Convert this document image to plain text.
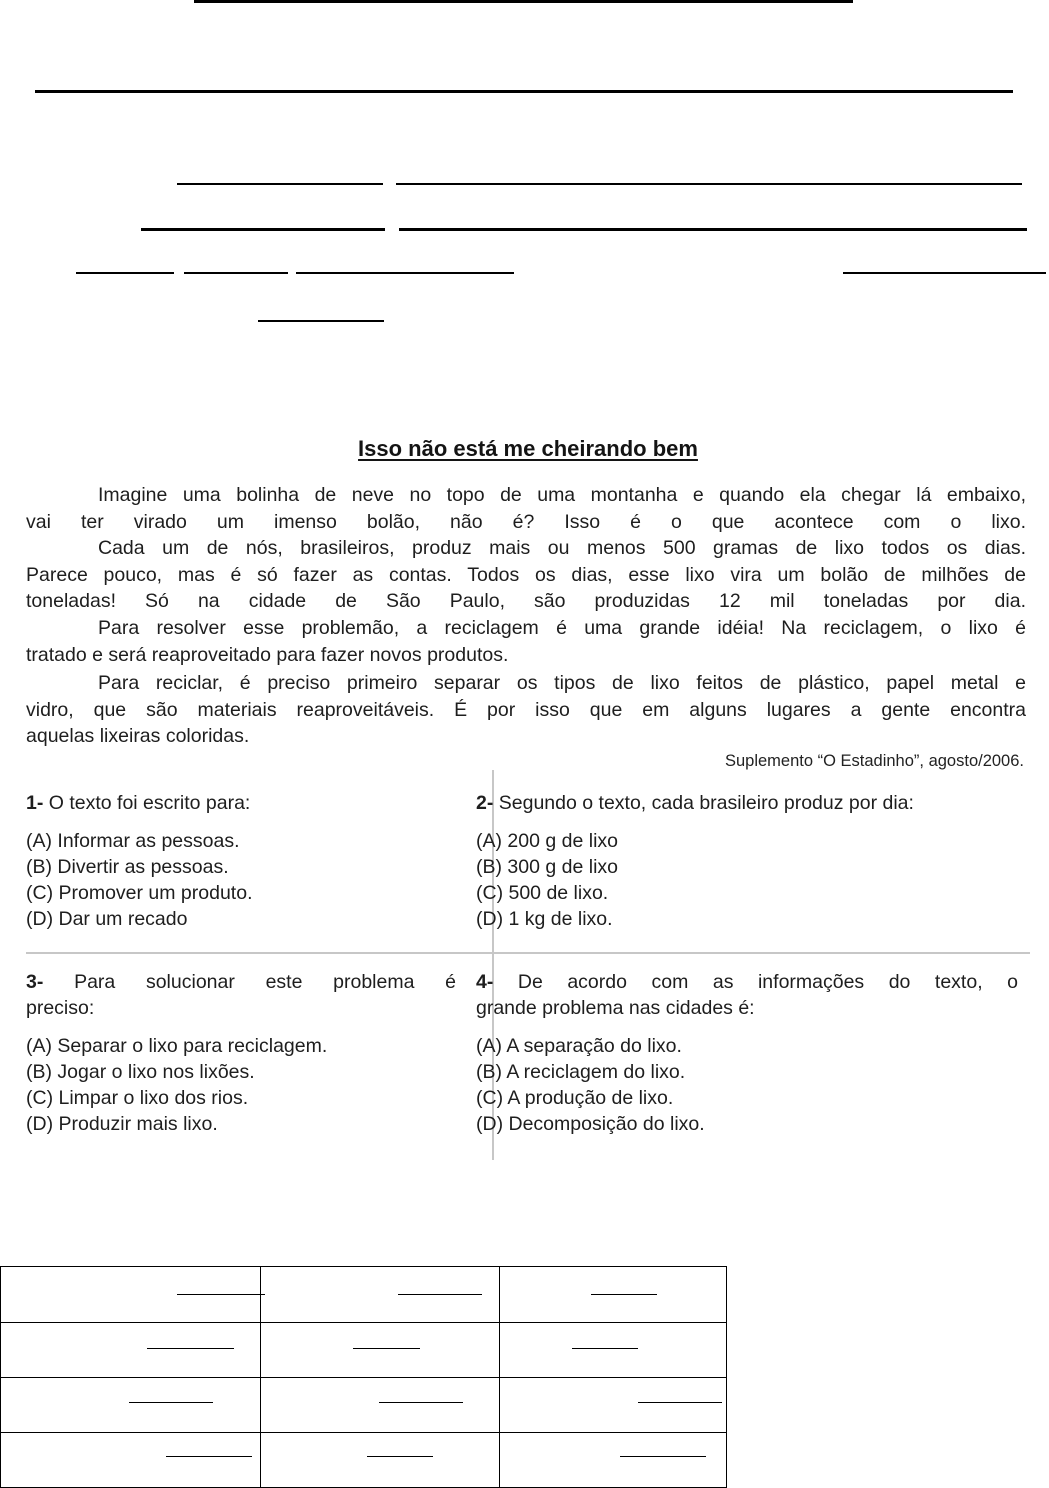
Isso não está me cheirando bem
Imagine uma bolinha de neve no topo de uma montanha e quando ela chegar lá embaixo,
vai ter virado um imenso bolão, não é? Isso é o que acontece com o lixo.
Cada um de nós, brasileiros, produz mais ou menos 500 gramas de lixo todos os dias.
Parece pouco, mas é só fazer as contas. Todos os dias, esse lixo vira um bolão de milhões de
toneladas! Só na cidade de São Paulo, são produzidas 12 mil toneladas por dia.
Para resolver esse problemão, a reciclagem é uma grande idéia! Na reciclagem, o lixo é
tratado e será reaproveitado para fazer novos produtos.
Para reciclar, é preciso primeiro separar os tipos de lixo feitos de plástico, papel metal e
vidro, que são materiais reaproveitáveis. É por isso que em alguns lugares a gente encontra
aquelas lixeiras coloridas.
Suplemento “O Estadinho”, agosto/2006.
1- O texto foi escrito para:
(A) Informar as pessoas.
(B) Divertir as pessoas.
(C) Promover um produto.
(D) Dar um recado
2- Segundo o texto, cada brasileiro produz por dia:
(A) 200 g de lixo
(B) 300 g de lixo
(C) 500 de lixo.
(D) 1 kg de lixo.
3- Para solucionar este problema é
preciso:
(A) Separar o lixo para reciclagem.
(B) Jogar o lixo nos lixões.
(C) Limpar o lixo dos rios.
(D) Produzir mais lixo.
4- De acordo com as informações do texto, o
grande problema nas cidades é:
(A) A separação do lixo.
(B) A reciclagem do lixo.
(C) A produção de lixo.
(D) Decomposição do lixo.
